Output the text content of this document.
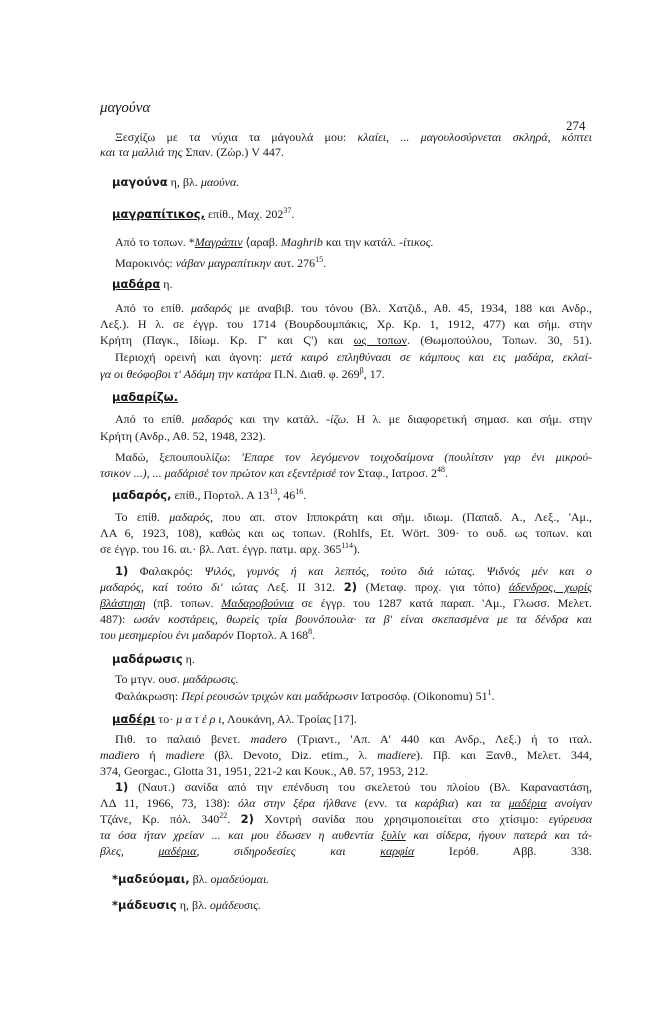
μαγούνα
274
Ξεσχίζω με τα νύχια τα μάγουλά μου: κλαίει, ... μαγουλοσύρνεται σκληρά, κόπτει
και τα μαλλιά της Σπαν. (Ζώρ.) V 447.
μαγούνα η, βλ. μαούνα.
μαγραπίτικος, επίθ., Μαχ. $202^{37}$.
Από το τοπων. *Μαγράπιν ⟨αραβ. Maghrib και την κατάλ. -ίτικος.
Μαροκινός: νάβαν μαγραπίτικην αυτ. $276^{15}$.
μαδάρα η.
Από το επίθ. μαδαρός με αναβιβ. του τόνου (Βλ. Χατζιδ., Αθ. 45, 1934, 188 και Ανδρ.,
Λεξ.). Η λ. σε έγγρ. του 1714 (Βουρδουμπάκις, Χρ. Κρ. 1, 1912, 477) και σήμ. στην
Κρήτη (Παγκ., Ιδίωμ. Κρ. Γ' και Ϛ') και ως τοπων. (Θωμοπούλου, Τοπων. 30, 51).
Περιοχή ορεινή και άγονη: μετά καιρό επληθύνασι σε κάμπους και εις μαδάρα, εκλαί-
γα οι θεόφοβοι τ' Αδάμη την κατάρα Π.Ν. Διαθ. φ. $269^\beta$, 17.
μαδαρίζω.
Από το επίθ. μαδαρός και την κατάλ. -ίζω. Η λ. με διαφορετική σημασ. και σήμ. στην
Κρήτη (Ανδρ., Αθ. 52, 1948, 232).
Μαδώ, ξεπουπουλίζω: 'Επαρε τον λεγόμενον τοιχοδαίμονα (πουλίτσιν γαρ ένι μικρού-
τσικον ...), ... μαδάρισέ τον πρώτον και εξεντέρισέ τον Σταφ., Ιατροσ. $2^{48}$.
μαδαρός, επίθ., Πορτολ. Α $13^{13}$, $46^{16}$.
Το επίθ. μαδαρός, που απ. στον Ιπποκράτη και σήμ. ιδιωμ. (Παπαδ. Α., Λεξ., 'Αμ.,
ΛΑ 6, 1923, 108), καθώς και ως τοπων. (Rohlfs, Et. Wört. 309· το ουδ. ως τοπων. και
σε έγγρ. του 16. αι.· βλ. Λατ. έγγρ. πατμ. αρχ. $365^{114}$).
1) Φαλακρός: Ψιλός, γυμνός ή και λεπτός, τούτο διά ιώτας. Ψιδνός μέν και ο
μαδαρός, καί τούτο δι' ιώτας Λεξ. ΙΙ 312. 2) (Μεταφ. προχ. για τόπο) άδενδρος, χωρίς
βλάστηση (πβ. τοπων. Μαδαροβούνια σε έγγρ. του 1287 κατά παραπ. 'Αμ., Γλωσσ. Μελετ.
487): ωσάν κοστάρεις, θωρείς τρία βουνόπουλα· τα β' είναι σκεπασμένα με τα δένδρα και
του μεσημερίου ένι μαδαρόν Πορτολ. Α $168^8$.
μαδάρωσις η.
Το μτγν. ουσ. μαδάρωσις.
Φαλάκρωση: Περί ρεουσών τριχών και μαδάρωσιν Ιατροσόφ. (Oikonomu) $51^1$.
μαδέρι το· μ α τ έ ρ ι, Λουκάνη, Αλ. Τροίας [17].
Πιθ. το παλαιό βενετ. madero (Τριαντ., 'Απ. Α' 440 και Ανδρ., Λεξ.) ή το ιταλ.
madiero ή madiere (βλ. Devoto, Diz. etim., λ. madiere). Πβ. και Ξανθ., Μελετ. 344,
374, Georgac., Glotta 31, 1951, 221-2 και Κουκ., Αθ. 57, 1953, 212.
1) (Ναυτ.) σανίδα από την επένδυση του σκελετού του πλοίου (Βλ. Καραναστάση,
ΛΔ 11, 1966, 73, 138): όλα στην ξέρα ήλθανε (ενν. τα καράβια) και τα μαδέρια ανοίγαν
Τζάνε, Κρ. πόλ. $340^{22}$. 2) Χοντρή σανίδα που χρησιμοποιείται στο χτίσιμο: εγύρευσα
τα όσα ήταν χρείαν ... και μου έδωσεν η αυθεντία ξυλίν και σίδερα, ήγουν πατερά και τά-
βλες, μαδέρια, σιδηροδεσίες και καρφία Ιερόθ. Αββ. 338.
*μαδεύομαι, βλ. ομαδεύομαι.
*μάδευσις η, βλ. ομάδευσις.
